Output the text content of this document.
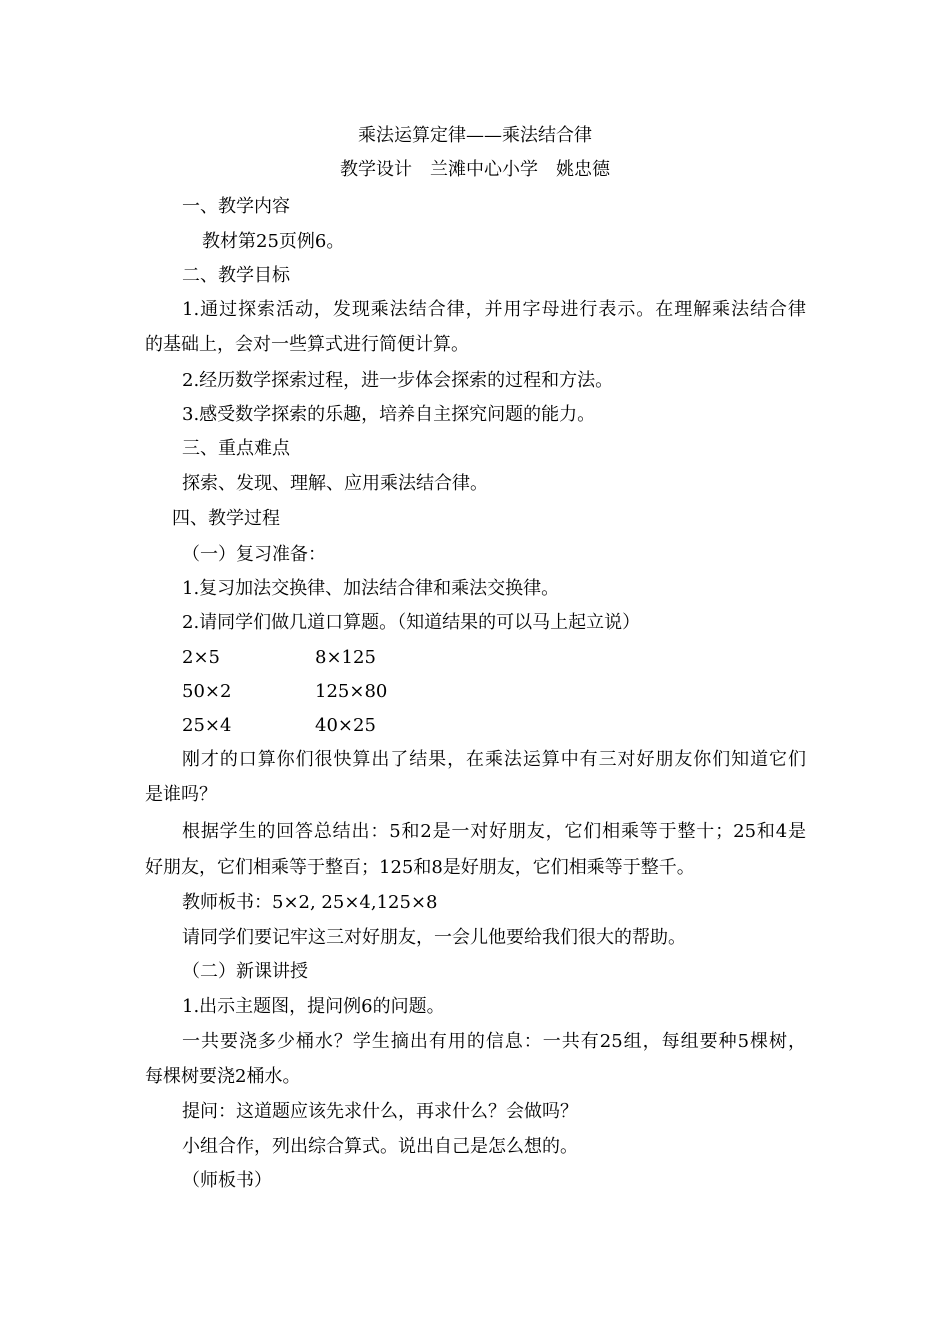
乘法运算定律——乘法结合律
教学设计　兰滩中心小学　姚忠德
一、教学内容
教材第25页例6。
二、教学目标
1.通过探索活动，发现乘法结合律，并用字母进行表示。在理解乘法结合律
的基础上，会对一些算式进行简便计算。
2.经历数学探索过程，进一步体会探索的过程和方法。
3.感受数学探索的乐趣，培养自主探究问题的能力。
三、重点难点
探索、发现、理解、应用乘法结合律。
四、教学过程
（一）复习准备：
1.复习加法交换律、加法结合律和乘法交换律。
2.请同学们做几道口算题。（知道结果的可以马上起立说）
2×5	8×125
50×2	125×80
25×4	40×25
刚才的口算你们很快算出了结果，在乘法运算中有三对好朋友你们知道它们
是谁吗？
根据学生的回答总结出：5和2是一对好朋友，它们相乘等于整十；25和4是
好朋友，它们相乘等于整百；125和8是好朋友，它们相乘等于整千。
教师板书：5×2, 25×4,125×8
请同学们要记牢这三对好朋友，一会儿他要给我们很大的帮助。
（二）新课讲授
1.出示主题图，提问例6的问题。
一共要浇多少桶水？学生摘出有用的信息：一共有25组，每组要种5棵树，
每棵树要浇2桶水。
提问：这道题应该先求什么，再求什么？会做吗？
小组合作，列出综合算式。说出自己是怎么想的。
（师板书）
